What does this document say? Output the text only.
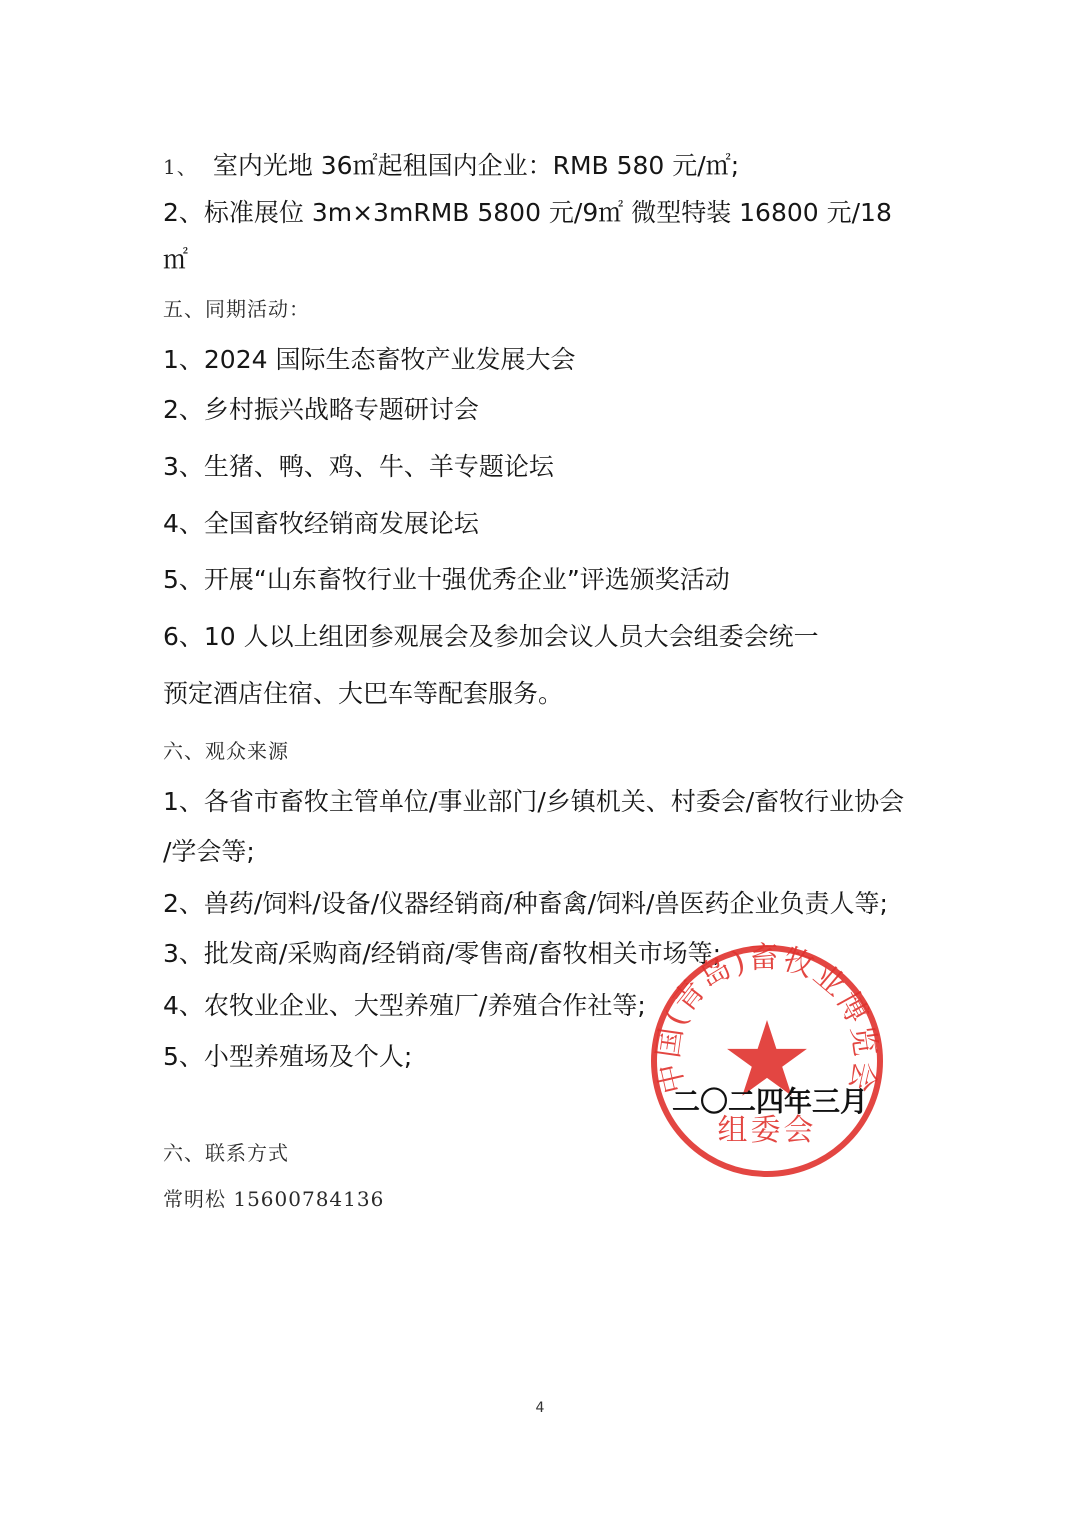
1、 室内光地 36㎡起租国内企业：RMB 580 元/㎡;
2、标准展位 3m×3mRMB 5800 元/9㎡ 微型特装 16800 元/18
㎡
五、同期活动：
1、2024 国际生态畜牧产业发展大会
2、乡村振兴战略专题研讨会
3、生猪、鸭、鸡、牛、羊专题论坛
4、全国畜牧经销商发展论坛
5、开展“山东畜牧行业十强优秀企业”评选颁奖活动
6、10 人以上组团参观展会及参加会议人员大会组委会统一
预定酒店住宿、大巴车等配套服务。
六、观众来源
1、各省市畜牧主管单位/事业部门/乡镇机关、村委会/畜牧行业协会
/学会等;
2、兽药/饲料/设备/仪器经销商/种畜禽/饲料/兽医药企业负责人等;
3、批发商/采购商/经销商/零售商/畜牧相关市场等;
4、农牧业企业、大型养殖厂/养殖合作社等;
5、小型养殖场及个人;
中国(青岛)畜牧业博览会
组委会
二〇二四年三月
六、联系方式
常明松 15600784136
4
